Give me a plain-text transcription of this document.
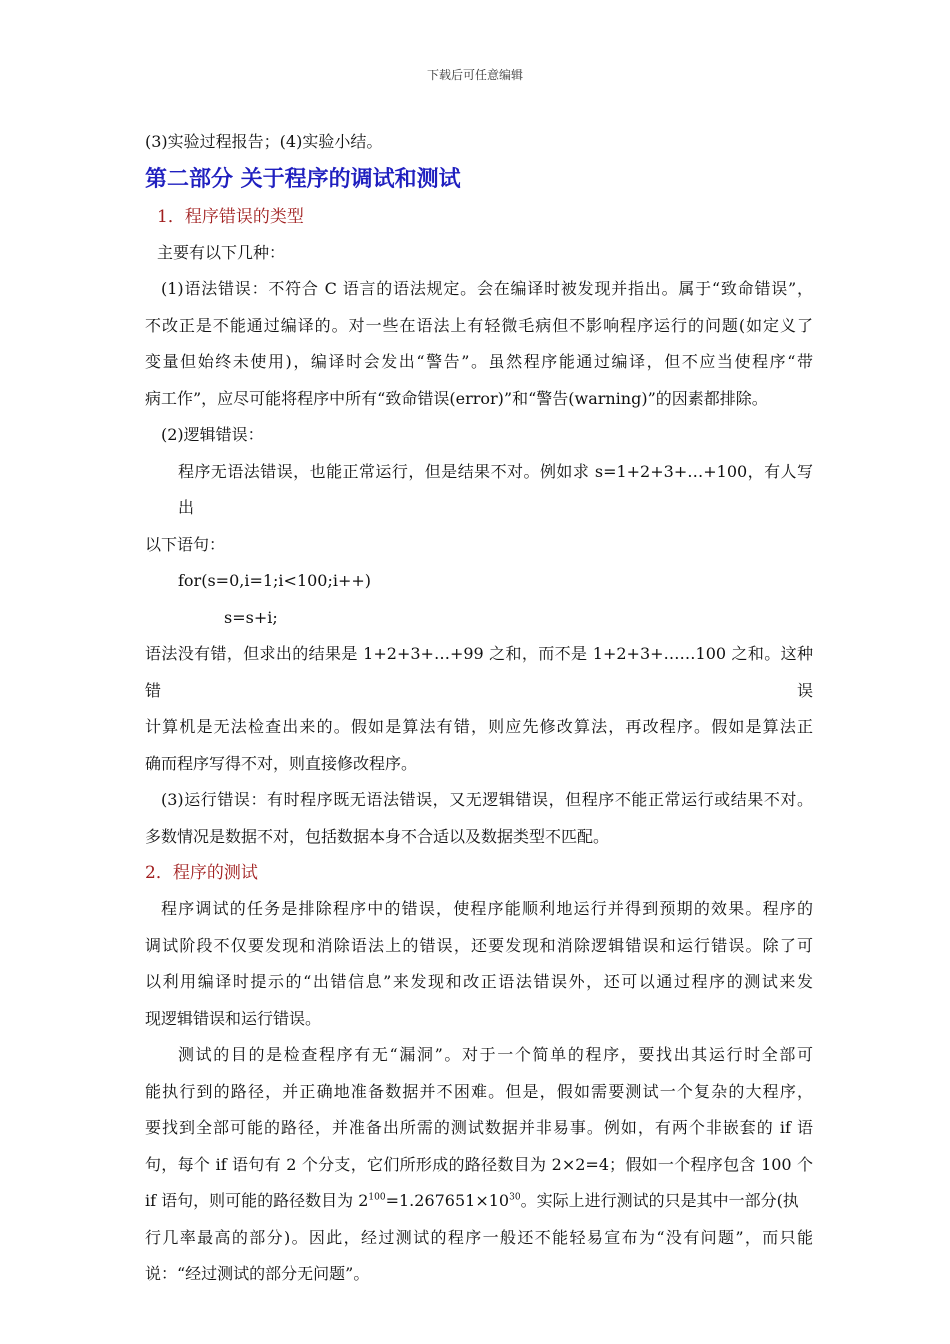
下载后可任意编辑
(3)实验过程报告；(4)实验小结。
第二部分 关于程序的调试和测试
1．程序错误的类型
主要有以下几种：
(1)语法错误：不符合 C 语言的语法规定。会在编译时被发现并指出。属于“致命错误”，
不改正是不能通过编译的。对一些在语法上有轻微毛病但不影响程序运行的问题(如定义了
变量但始终未使用)，编译时会发出“警告”。虽然程序能通过编译，但不应当使程序“带
病工作”，应尽可能将程序中所有“致命错误(error)”和“警告(warning)”的因素都排除。
(2)逻辑错误：
程序无语法错误，也能正常运行，但是结果不对。例如求 s=1+2+3+…+100，有人写出
以下语句：
for(s=0,i=1;i<100;i++)
s=s+i;
语法没有错，但求出的结果是 1+2+3+…+99 之和，而不是 1+2+3+……100 之和。这种错误
计算机是无法检查出来的。假如是算法有错，则应先修改算法，再改程序。假如是算法正
确而程序写得不对，则直接修改程序。
(3)运行错误：有时程序既无语法错误，又无逻辑错误，但程序不能正常运行或结果不对。
多数情况是数据不对，包括数据本身不合适以及数据类型不匹配。
2．程序的测试
程序调试的任务是排除程序中的错误，使程序能顺利地运行并得到预期的效果。程序的
调试阶段不仅要发现和消除语法上的错误，还要发现和消除逻辑错误和运行错误。除了可
以利用编译时提示的“出错信息”来发现和改正语法错误外，还可以通过程序的测试来发
现逻辑错误和运行错误。
测试的目的是检查程序有无“漏洞”。对于一个简单的程序，要找出其运行时全部可
能执行到的路径，并正确地准备数据并不困难。但是，假如需要测试一个复杂的大程序，
要找到全部可能的路径，并准备出所需的测试数据并非易事。例如，有两个非嵌套的 if 语
句，每个 if 语句有 2 个分支，它们所形成的路径数目为 2×2=4；假如一个程序包含 100 个
if 语句，则可能的路径数目为 $2^{100}=1.267651\times 10^{30}$。实际上进行测试的只是其中一部分(执
行几率最高的部分)。因此，经过测试的程序一般还不能轻易宣布为“没有问题”，而只能
说：“经过测试的部分无问题”。
